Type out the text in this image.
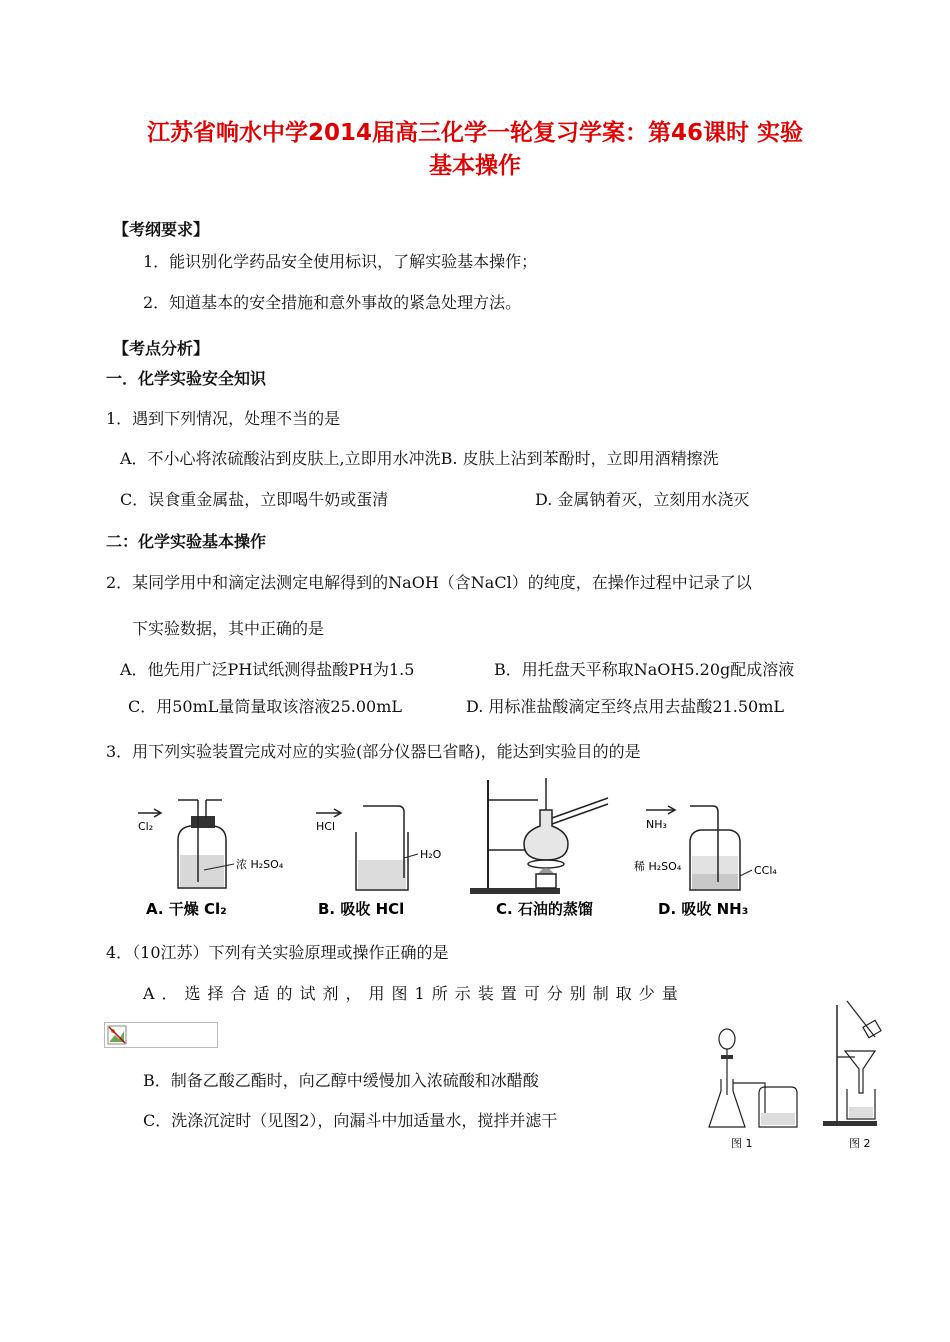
江苏省响水中学2014届高三化学一轮复习学案：第46课时 实验
基本操作
【考纲要求】
1．能识别化学药品安全使用标识，了解实验基本操作；
2．知道基本的安全措施和意外事故的紧急处理方法。
【考点分析】
一．化学实验安全知识
1．遇到下列情况，处理不当的是
A．不小心将浓硫酸沾到皮肤上,立即用水冲洗B. 皮肤上沾到苯酚时，立即用酒精擦洗
C．误食重金属盐，立即喝牛奶或蛋清	D. 金属钠着灭，立刻用水浇灭
二：化学实验基本操作
2．某同学用中和滴定法测定电解得到的NaOH（含NaCl）的纯度，在操作过程中记录了以
下实验数据，其中正确的是
A．他先用广泛PH试纸测得盐酸PH为1.5	B．用托盘天平称取NaOH5.20g配成溶液
C．用50mL量筒量取该溶液25.00mL	D. 用标准盐酸滴定至终点用去盐酸21.50mL
3．用下列实验装置完成对应的实验(部分仪器巳省略)，能达到实验目的的是
Cl₂
浓 H₂SO₄
A. 干燥 Cl₂
HCl
H₂O
B. 吸收 HCl	C. 石油的蒸馏
NH₃
稀 H₂SO₄	CCl₄
D. 吸收 NH₃
4．（10江苏）下列有关实验原理或操作正确的是
A．选择合适的试剂，用图1所示装置可分别制取少量
B．制备乙酸乙酯时，向乙醇中缓慢加入浓硫酸和冰醋酸
C．洗涤沉淀时（见图2），向漏斗中加适量水，搅拌并滤干
图 1	图 2
